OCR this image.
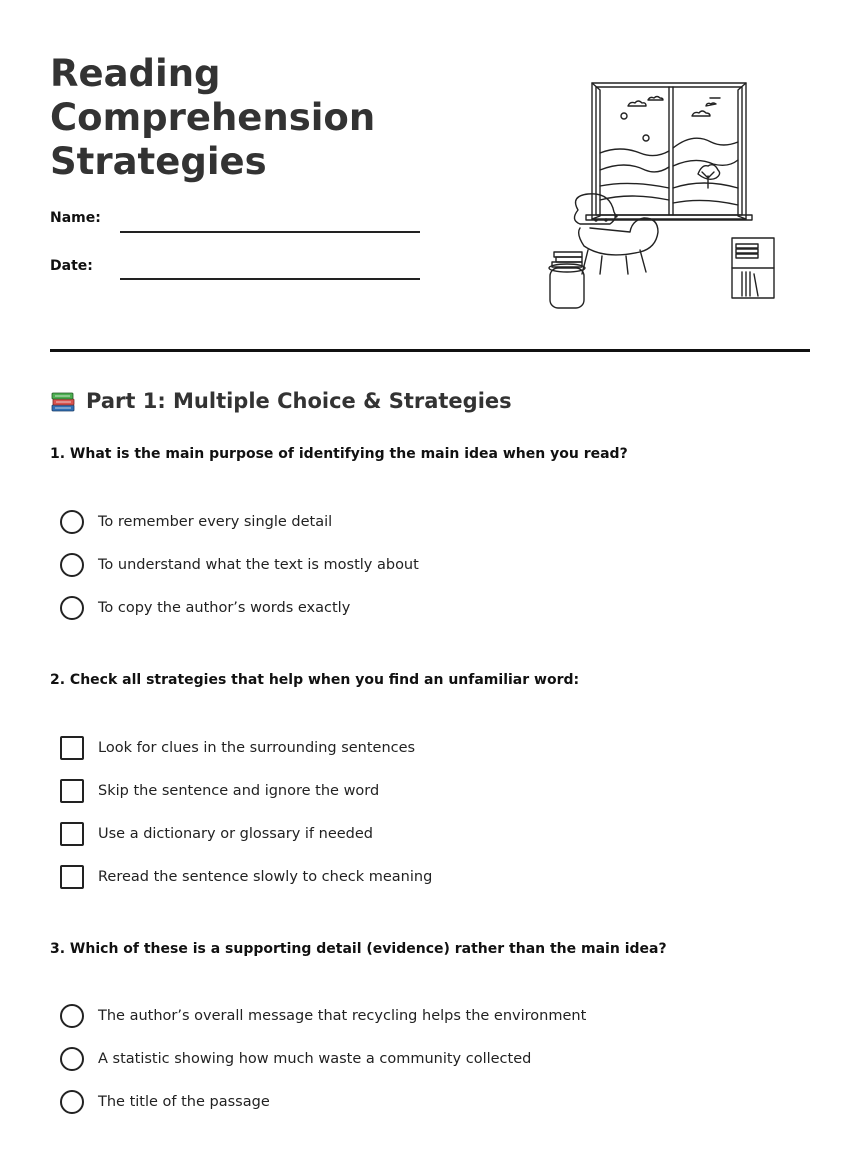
Reading
Comprehension
Strategies
Name:
Date:
Part 1: Multiple Choice & Strategies

1. What is the main purpose of identifying the main idea when you read?

To remember every single detail
To understand what the text is mostly about
To copy the author’s words exactly

2. Check all strategies that help when you find an unfamiliar word:

Look for clues in the surrounding sentences
Skip the sentence and ignore the word
Use a dictionary or glossary if needed
Reread the sentence slowly to check meaning

3. Which of these is a supporting detail (evidence) rather than the main idea?

The author’s overall message that recycling helps the environment
A statistic showing how much waste a community collected
The title of the passage
